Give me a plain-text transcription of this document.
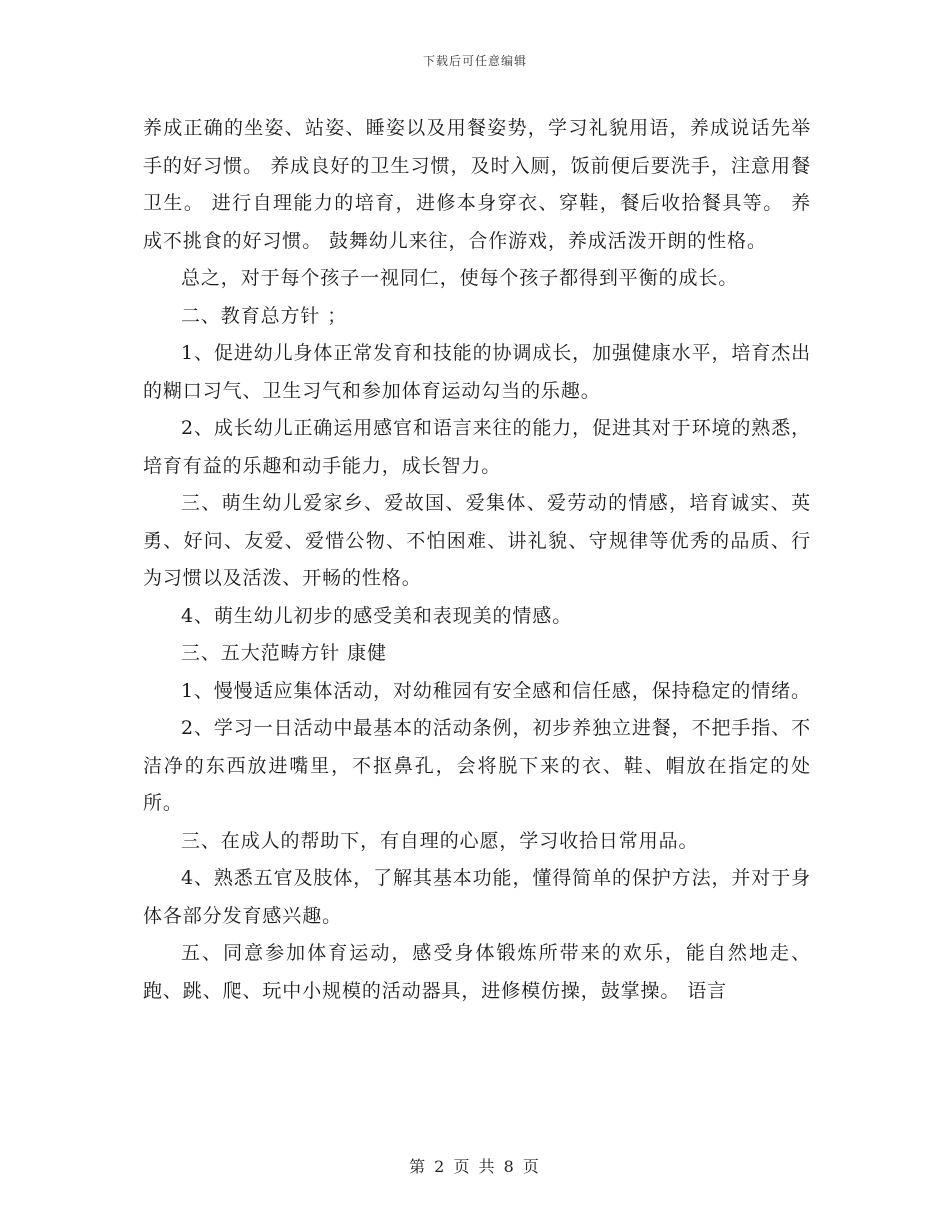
下载后可任意编辑

养成正确的坐姿、站姿、睡姿以及用餐姿势，学习礼貌用语，养成说话先举手的好习惯。 养成良好的卫生习惯，及时入厕，饭前便后要洗手，注意用餐卫生。 进行自理能力的培育，进修本身穿衣、穿鞋，餐后收拾餐具等。 养成不挑食的好习惯。 鼓舞幼儿来往，合作游戏，养成活泼开朗的性格。

总之，对于每个孩子一视同仁，使每个孩子都得到平衡的成长。

二、教育总方针 ；

1、促进幼儿身体正常发育和技能的协调成长，加强健康水平，培育杰出的糊口习气、卫生习气和参加体育运动勾当的乐趣。

2、成长幼儿正确运用感官和语言来往的能力，促进其对于环境的熟悉，培育有益的乐趣和动手能力，成长智力。

三、萌生幼儿爱家乡、爱故国、爱集体、爱劳动的情感，培育诚实、英勇、好问、友爱、爱惜公物、不怕困难、讲礼貌、守规律等优秀的品质、行为习惯以及活泼、开畅的性格。

4、萌生幼儿初步的感受美和表现美的情感。

三、五大范畴方针 康健

1、慢慢适应集体活动，对幼稚园有安全感和信任感，保持稳定的情绪。

2、学习一日活动中最基本的活动条例，初步养独立进餐，不把手指、不洁净的东西放进嘴里，不抠鼻孔，会将脱下来的衣、鞋、帽放在指定的处所。

三、在成人的帮助下，有自理的心愿，学习收拾日常用品。

4、熟悉五官及肢体，了解其基本功能，懂得简单的保护方法，并对于身体各部分发育感兴趣。

五、同意参加体育运动，感受身体锻炼所带来的欢乐，能自然地走、跑、跳、爬、玩中小规模的活动器具，进修模仿操，鼓掌操。 语言

第 2 页 共 8 页
